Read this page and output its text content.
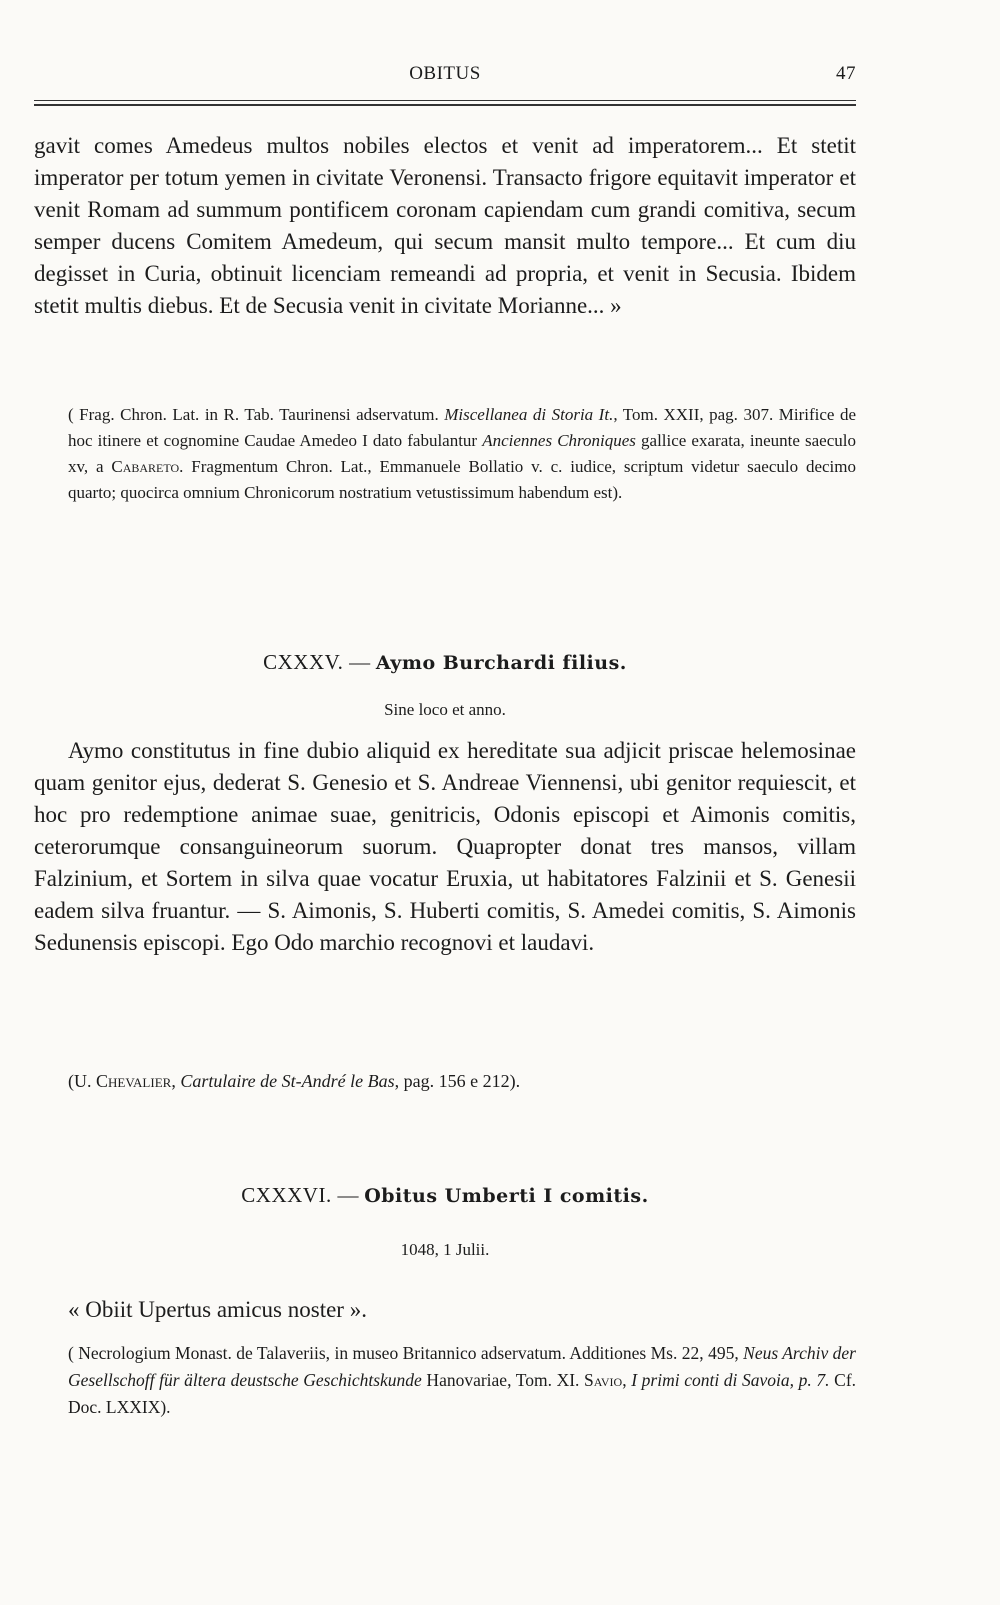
OBITUS	47

gavit comes Amedeus multos nobiles electos et venit ad imperatorem... Et stetit imperator per totum yemen in civitate Veronensi. Transacto frigore equitavit imperator et venit Romam ad summum pontificem coronam capiendam cum grandi comitiva, secum semper ducens Comitem Amedeum, qui secum mansit multo tempore... Et cum diu degisset in Curia, obtinuit licenciam remeandi ad propria, et venit in Secusia. Ibidem stetit multis diebus. Et de Secusia venit in civitate Morianne... »

( Frag. Chron. Lat. in R. Tab. Taurinensi adservatum. Miscellanea di Storia It., Tom. XXII, pag. 307. Mirifice de hoc itinere et cognomine Caudae Amedeo I dato fabulantur Anciennes Chroniques gallice exarata, ineunte saeculo xv, a Cabareto. Fragmentum Chron. Lat., Emmanuele Bollatio v. c. iudice, scriptum videtur saeculo decimo quarto; quocirca omnium Chronicorum nostratium vetustissimum habendum est).

CXXXV. — Aymo Burchardi filius.

Sine loco et anno.

Aymo constitutus in fine dubio aliquid ex hereditate sua adjicit priscae helemosinae quam genitor ejus, dederat S. Genesio et S. Andreae Viennensi, ubi genitor requiescit, et hoc pro redemptione animae suae, genitricis, Odonis episcopi et Aimonis comitis, ceterorumque consanguineorum suorum. Quapropter donat tres mansos, villam Falzinium, et Sortem in silva quae vocatur Eruxia, ut habitatores Falzinii et S. Genesii eadem silva fruantur. — S. Aimonis, S. Huberti comitis, S. Amedei comitis, S. Aimonis Sedunensis episcopi. Ego Odo marchio recognovi et laudavi.

(U. Chevalier, Cartulaire de St-André le Bas, pag. 156 e 212).

CXXXVI. — Obitus Umberti I comitis.

1048, 1 Julii.

« Obiit Upertus amicus noster ».

( Necrologium Monast. de Talaveriis, in museo Britannico adservatum. Additiones Ms. 22, 495, Neus Archiv der Gesellschoff für ältera deustsche Geschichtskunde Hanovariae, Tom. XI. Savio, I primi conti di Savoia, p. 7. Cf. Doc. LXXIX).
